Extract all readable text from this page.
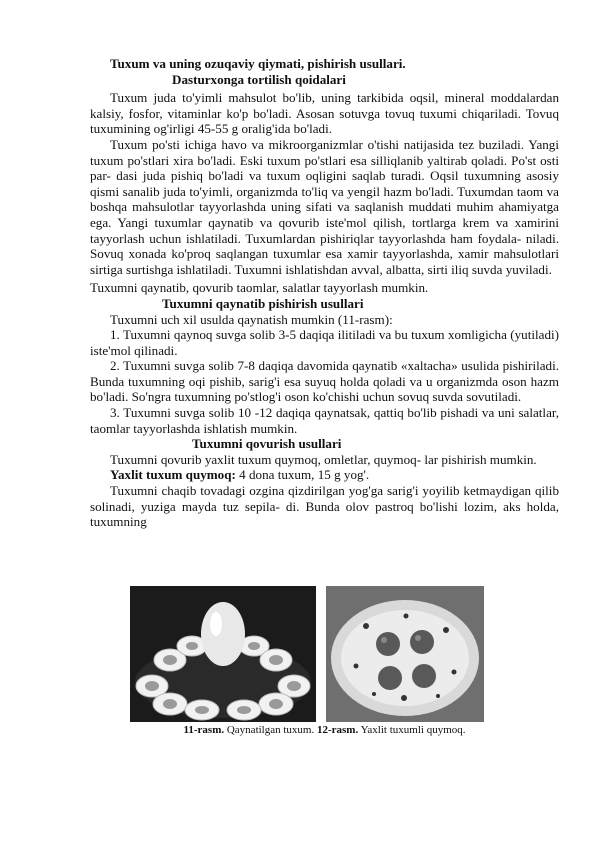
Tuxum va uning ozuqaviy qiymati, pishirish usullari.

Dasturxonga tortilish qoidalari

Tuxum juda to'yimli mahsulot bo'lib, uning tarkibida oqsil, mineral moddalardan kalsiy, fosfor, vitaminlar ko'p bo'ladi. Asosan sotuvga tovuq tuxumi chiqariladi. Tovuq tuxumining og'irligi 45-55 g oralig'ida bo'ladi.

Tuxum po'sti ichiga havo va mikroorganizmlar o'tishi natijasida tez buziladi. Yangi tuxum po'stlari xira bo'ladi. Eski tuxum po'stlari esa silliqlanib yaltirab qoladi. Po'st osti par- dasi juda pishiq bo'ladi va tuxum oqligini saqlab turadi. Oqsil tuxumning asosiy qismi sanalib juda to'yimli, organizmda to'liq va yengil hazm bo'ladi. Tuxumdan taom va boshqa mahsulotlar tayyorlashda uning sifati va saqlanish muddati muhim ahamiyatga ega. Yangi tuxumlar qaynatib va qovurib iste'mol qilish, tortlarga krem va xamirini tayyorlash uchun ishlatiladi. Tuxumlardan pishiriqlar tayyorlashda ham foydala- niladi. Sovuq xonada ko'proq saqlangan tuxumlar esa xamir tayyorlashda, xamir mahsulotlari sirtiga surtishga ishlatiladi. Tuxumni ishlatishdan avval, albatta, sirti iliq suvda yuviladi.

Tuxumni qaynatib, qovurib taomlar, salatlar tayyorlash mumkin.

Tuxumni qaynatib pishirish usullari

Tuxumni uch xil usulda qaynatish mumkin (11-rasm):

1. Tuxumni qaynoq suvga solib 3-5 daqiqa ilitiladi va bu tuxum xomligicha (yutiladi) iste'mol qilinadi.

2. Tuxumni suvga solib 7-8 daqiqa davomida qaynatib «xaltacha» usulida pishiriladi. Bunda tuxumning oqi pishib, sarig'i esa suyuq holda qoladi va u organizmda oson hazm bo'ladi. So'ngra tuxumning po'stlog'i oson ko'chishi uchun sovuq suvda sovutiladi.

3. Tuxumni suvga solib 10 -12 daqiqa qaynatsak, qattiq bo'lib pishadi va uni salatlar, taomlar tayyorlashda ishlatish mumkin.

Tuxumni qovurish usullari

Tuxumni qovurib yaxlit tuxum quymoq, omletlar, quymoq- lar pishirish mumkin.

Yaxlit tuxum quymoq: 4 dona tuxum, 15 g yog'.

Tuxumni chaqib tovadagi ozgina qizdirilgan yog'ga sarig'i yoyilib ketmaydigan qilib solinadi, yuziga mayda tuz sepila- di. Bunda olov pastroq bo'lishi lozim, aks holda, tuxumning

11-rasm. Qaynatilgan tuxum. 12-rasm. Yaxlit tuxumli quymoq.
